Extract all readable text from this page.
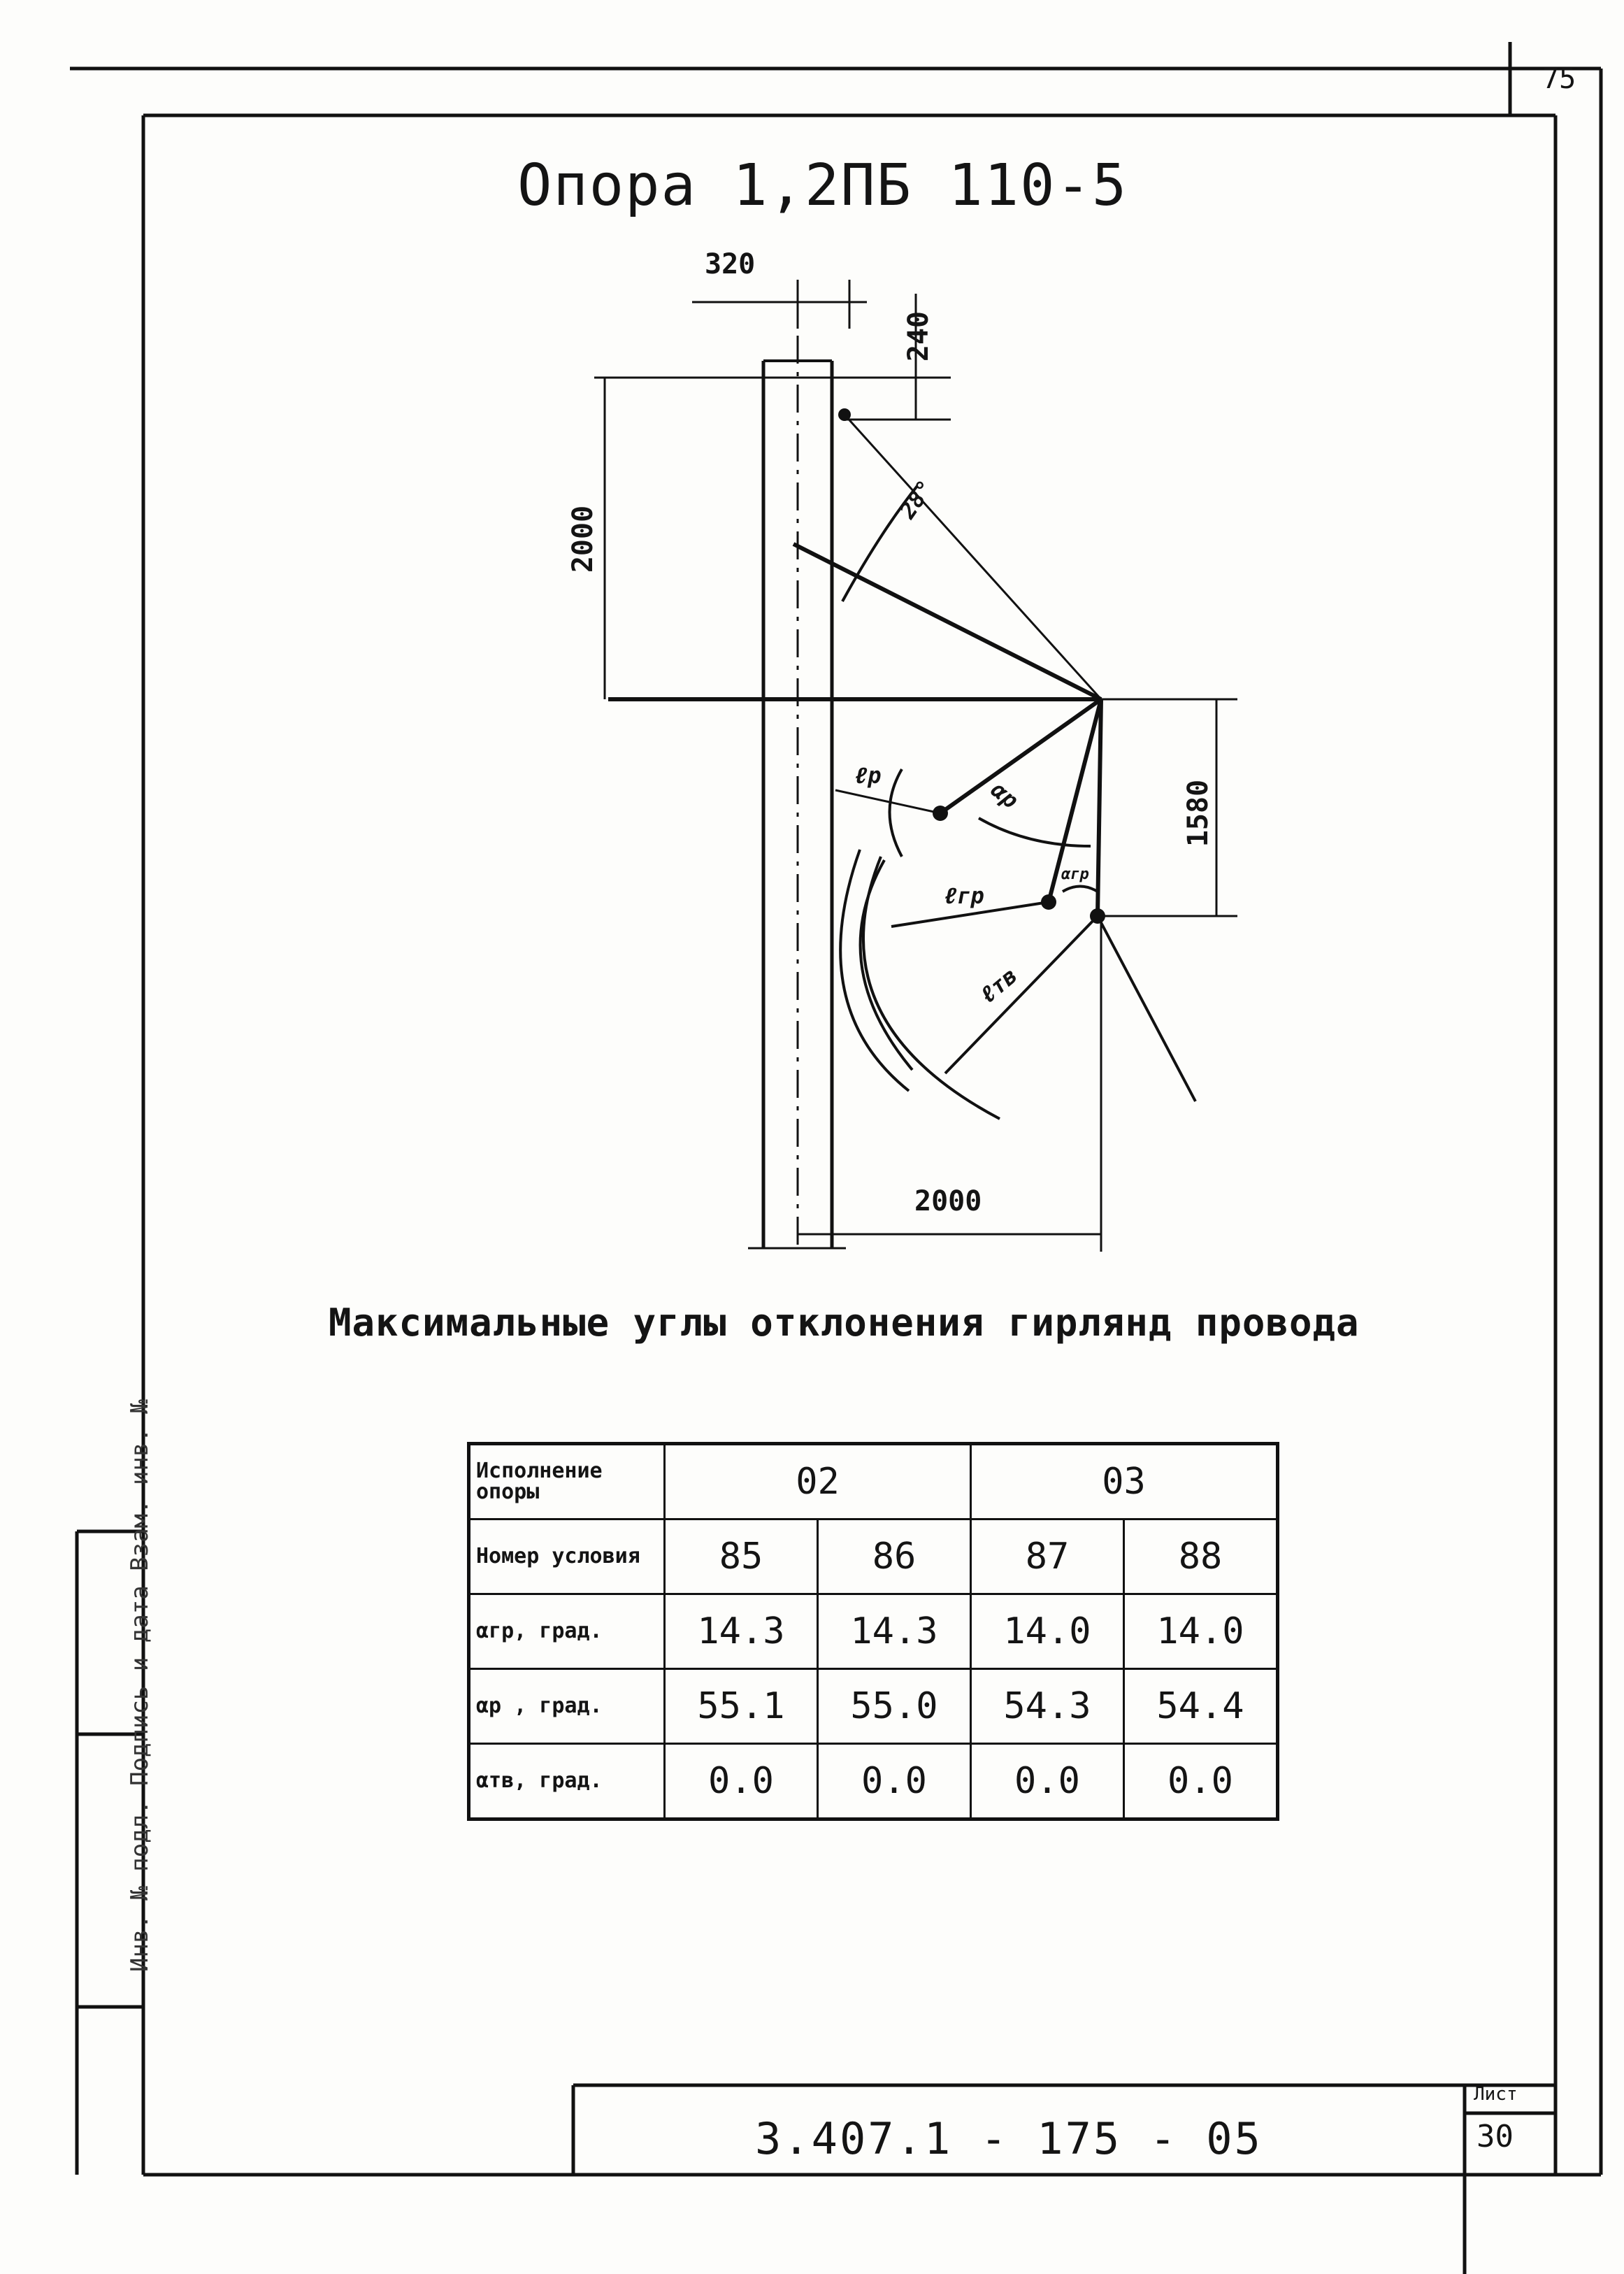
75
Опора 1,2ПБ 110-5
320
240
2000
1580
2000
28°
ℓр
ℓгр
ℓтв
αр
αгр
Максимальные углы отклонения гирлянд провода
Исполнение опоры	02		03	
Номер условия	85	86	87	88
αгр, град.	14.3	14.3	14.0	14.0
αр , град.	55.1	55.0	54.3	54.4
αтв, град.	0.0	0.0	0.0	0.0
3.407.1 - 175 - 05
Лист
30
Инв. № подл. Подпись и дата Взам. инв. №
